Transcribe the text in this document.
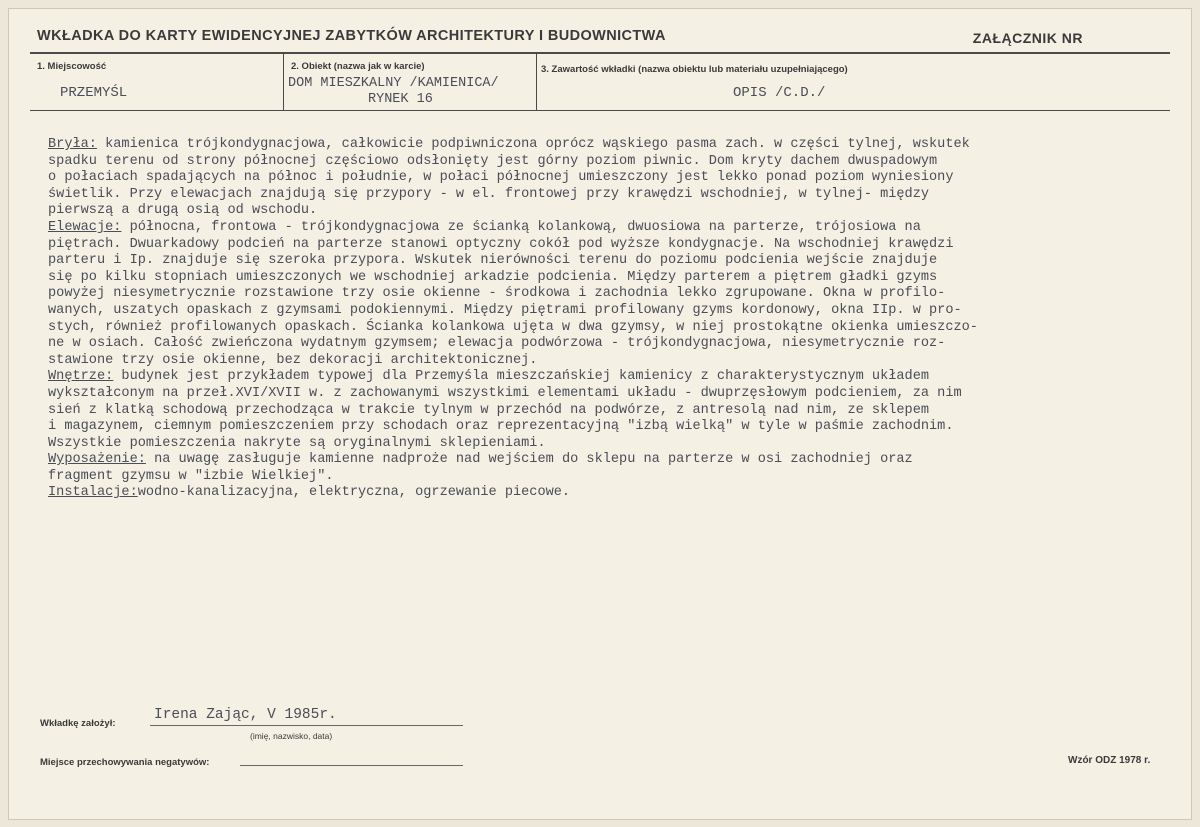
WKŁADKA DO KARTY EWIDENCYJNEJ ZABYTKÓW ARCHITEKTURY I BUDOWNICTWA	ZAŁĄCZNIK NR
1. Miejscowość
PRZEMYŚL
2. Obiekt (nazwa jak w karcie)
DOM MIESZKALNY /KAMIENICA/
RYNEK 16
3. Zawartość wkładki (nazwa obiektu lub materiału uzupełniającego)
OPIS /C.D./
Bryła: kamienica trójkondygnacjowa, całkowicie podpiwniczona oprócz wąskiego pasma zach. w części tylnej, wskutek
spadku terenu od strony północnej częściowo odsłonięty jest górny poziom piwnic. Dom kryty dachem dwuspadowym
o połaciach spadających na północ i południe, w połaci północnej umieszczony jest lekko ponad poziom wyniesiony
świetlik. Przy elewacjach znajdują się przypory - w el. frontowej przy krawędzi wschodniej, w tylnej- między
pierwszą a drugą osią od wschodu.
Elewacje: północna, frontowa - trójkondygnacjowa ze ścianką kolankową, dwuosiowa na parterze, trójosiowa na
piętrach. Dwuarkadowy podcień na parterze stanowi optyczny cokół pod wyższe kondygnacje. Na wschodniej krawędzi
parteru i Ip. znajduje się szeroka przypora. Wskutek nierówności terenu do poziomu podcienia wejście znajduje
się po kilku stopniach umieszczonych we wschodniej arkadzie podcienia. Między parterem a piętrem gładki gzyms
powyżej niesymetrycznie rozstawione trzy osie okienne - środkowa i zachodnia lekko zgrupowane. Okna w profilo-
wanych, uszatych opaskach z gzymsami podokiennymi. Między piętrami profilowany gzyms kordonowy, okna IIp. w pro-
stych, również profilowanych opaskach. Ścianka kolankowa ujęta w dwa gzymsy, w niej prostokątne okienka umieszczo-
ne w osiach. Całość zwieńczona wydatnym gzymsem; elewacja podwórzowa - trójkondygnacjowa, niesymetrycznie roz-
stawione trzy osie okienne, bez dekoracji architektonicznej.
Wnętrze: budynek jest przykładem typowej dla Przemyśla mieszczańskiej kamienicy z charakterystycznym układem
wykształconym na przeł.XVI/XVII w. z zachowanymi wszystkimi elementami układu - dwuprzęsłowym podcieniem, za nim
sień z klatką schodową przechodząca w trakcie tylnym w przechód na podwórze, z antresolą nad nim, ze sklepem
i magazynem, ciemnym pomieszczeniem przy schodach oraz reprezentacyjną "izbą wielką" w tyle w paśmie zachodnim.
Wszystkie pomieszczenia nakryte są oryginalnymi sklepieniami.
Wyposażenie: na uwagę zasługuje kamienne nadproże nad wejściem do sklepu na parterze w osi zachodniej oraz
fragment gzymsu w "izbie Wielkiej".
Instalacje:wodno-kanalizacyjna, elektryczna, ogrzewanie piecowe.
Wkładkę założył:
Irena Zając, V 1985r.
(imię, nazwisko, data)
Miejsce przechowywania negatywów:	Wzór ODZ 1978 r.
